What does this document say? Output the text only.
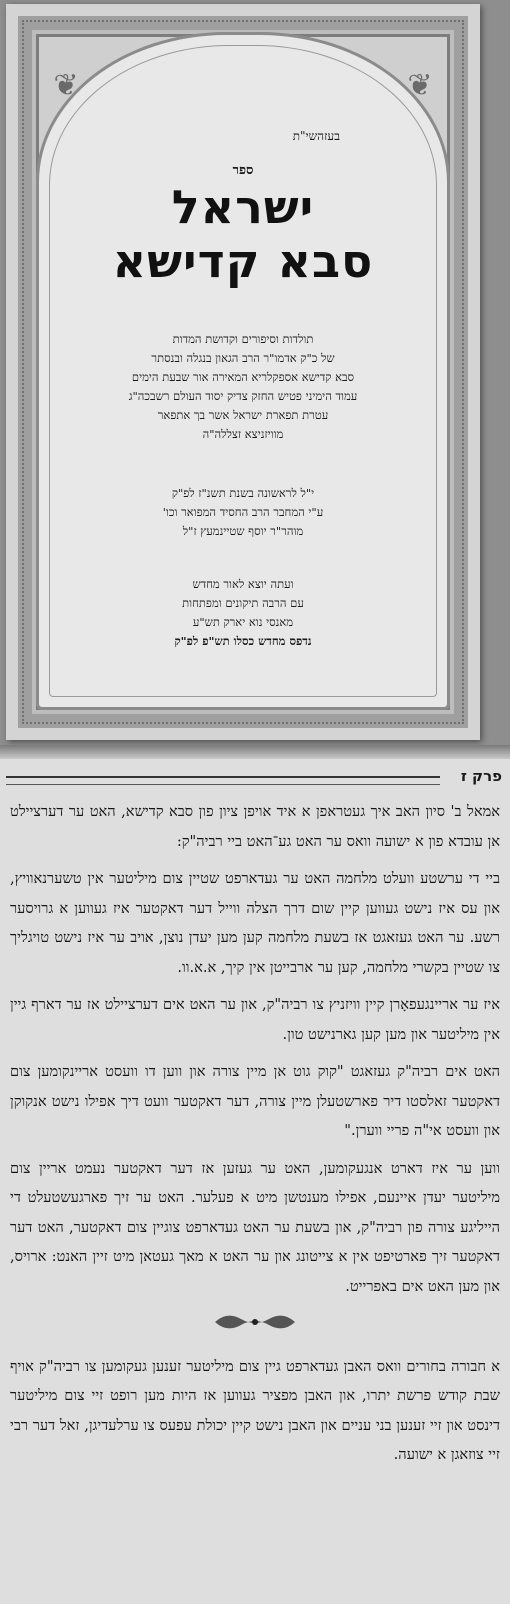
❦	❦
בעזהשי"ת
ספר
ישראל
סבא קדישא
תולדות וסיפורים וקדושת המדות
של כ"ק אדמו"ר הרב הגאון בנגלה ובנסתר
סבא קדישא אספקלריא המאירה אור שבעת הימים
עמוד הימיני פטיש החזק צדיק יסוד העולם רשבכה"ג
עטרת תפארת ישראל אשר בך אתפאר
מוויזניצא זצללה"ה
י"ל לראשונה בשנת תשנ"ז לפ"ק
ע"י המחבר הרב החסיד המפואר וכו'
מוהר"ר יוסף שטיינמעץ ז"ל
ועתה יוצא לאור מחדש
עם הרבה תיקונים ומפתחות
מאנסי נוא יארק תש"ע
נדפס מחדש כסלו תש"פ לפ"ק
פרק ז

אמאל ב' סיון האב איך געטראפן א איד אויפן ציון פון סבא קדישא, האט ער דערציילט אן עובדא פון א ישועה וואס ער האט גע־האט ביי רביה"ק:

ביי די ערשטע וועלט מלחמה האט ער געדארפט שטיין צום מיליטער אין טשערנאוויץ, און עס איז נישט געווען קיין שום דרך הצלה ווייל דער דאקטער איז געווען א גרויסער רשע. ער האט געזאגט אז בשעת מלחמה קען מען יעדן נוצן, אויב ער איז נישט טויגליך צו שטיין בקשרי מלחמה, קען ער ארבייטן אין קיך, א.א.וו.

איז ער אריינגעפאָרן קיין וויזניץ צו רביה"ק, און ער האט אים דערציילט אז ער דארף גיין אין מיליטער און מען קען גארנישט טון.

האט אים רביה"ק געזאגט "קוק גוט אן מיין צורה און ווען דו וועסט אריינקומען צום דאקטער זאלסטו דיר פארשטעלן מיין צורה, דער דאקטער וועט דיך אפילו נישט אנקוקן און וועסט אי"ה פריי ווערן."

ווען ער איז דארט אנגעקומען, האט ער געזען אז דער דאקטער נעמט אריין צום מיליטער יעדן איינעם, אפילו מענטשן מיט א פעלער. האט ער זיך פארגעשטעלט די הייליגע צורה פון רביה"ק, און בשעת ער האט געדארפט צוגיין צום דאקטער, האט דער דאקטער זיך פארטיפט אין א צייטונג און ער האט א מאך געטאן מיט זיין האנט: ארויס, און מען האט אים באפרייט.

א חבורה בחורים וואס האבן געדארפט גיין צום מיליטער זענען געקומען צו רביה"ק אויף שבת קודש פרשת יתרו, און האבן מפציר געווען אז היות מען רופט זיי צום מיליטער דינסט און זיי זענען בני עניים און האבן נישט קיין יכולת עפעס צו ערלעדיגן, זאל דער רבי זיי צוזאגן א ישועה.
